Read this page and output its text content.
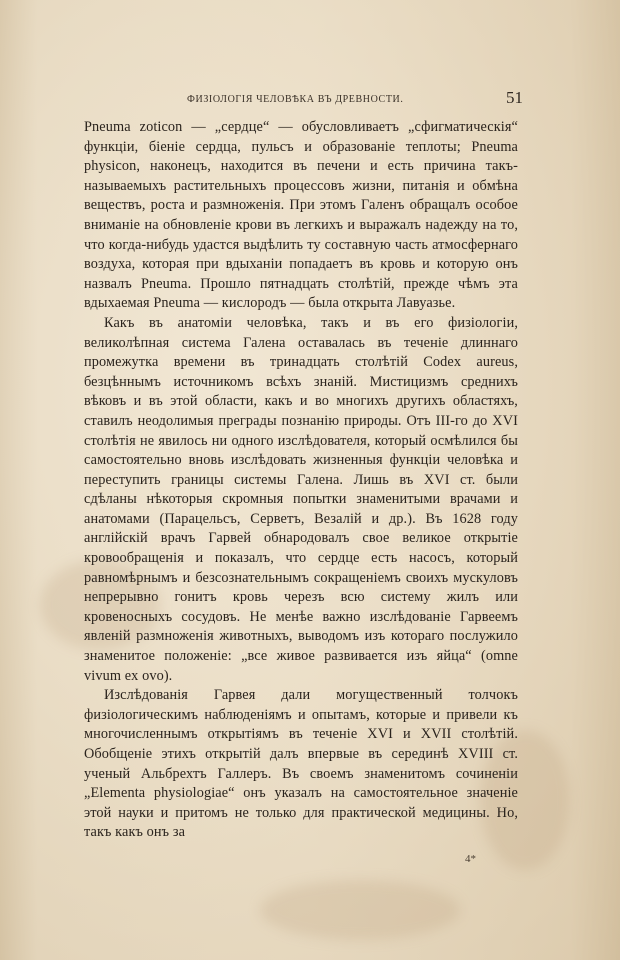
ФИЗІОЛОГІЯ ЧЕЛОВѢКА ВЪ ДРЕВНОСТИ.	51

Pneuma zoticon — „сердце“ — обусловливаетъ „сфигматическія“ функціи, біеніе сердца, пульсъ и образованіе теплоты; Pneuma physicon, наконецъ, находится въ печени и есть причина такъ-называемыхъ растительныхъ процессовъ жизни, питанія и обмѣна веществъ, роста и размноженія. При этомъ Галенъ обращалъ особое вниманіе на обновленіе крови въ легкихъ и выражалъ надежду на то, что когда-нибудь удастся выдѣлить ту составную часть атмосфернаго воздуха, которая при вдыханіи попадаетъ въ кровь и которую онъ назвалъ Pneuma. Прошло пятнадцать столѣтій, прежде чѣмъ эта вдыхаемая Pneuma — кислородъ — была открыта Лавуазье.

Какъ въ анатоміи человѣка, такъ и въ его физіологіи, великолѣпная система Галена оставалась въ теченіе длиннаго промежутка времени въ тринадцать столѣтій Codex aureus, безцѣннымъ источникомъ всѣхъ знаній. Мистицизмъ среднихъ вѣковъ и въ этой области, какъ и во многихъ другихъ областяхъ, ставилъ неодолимыя преграды познанію природы. Отъ III-го до XVI столѣтія не явилось ни одного изслѣдователя, который осмѣлился бы самостоятельно вновь изслѣдовать жизненныя функціи человѣка и переступить границы системы Галена. Лишь въ XVI ст. были сдѣланы нѣкоторыя скромныя попытки знаменитыми врачами и анатомами (Парацельсъ, Серветъ, Везалій и др.). Въ 1628 году англійскій врачъ Гарвей обнародовалъ свое великое открытіе кровообращенія и показалъ, что сердце есть насосъ, который равномѣрнымъ и безсознательнымъ сокращеніемъ своихъ мускуловъ непрерывно гонитъ кровь черезъ всю систему жилъ или кровеносныхъ сосудовъ. Не менѣе важно изслѣдованіе Гарвеемъ явленій размноженія животныхъ, выводомъ изъ котораго послужило знаменитое положеніе: „все живое развивается изъ яйца“ (omne vivum ex ovo).

Изслѣдованія Гарвея дали могущественный толчокъ физіологическимъ наблюденіямъ и опытамъ, которые и привели къ многочисленнымъ открытіямъ въ теченіе XVI и XVII столѣтій. Обобщеніе этихъ открытій далъ впервые въ серединѣ XVIII ст. ученый Альбрехтъ Галлеръ. Въ своемъ знаменитомъ сочиненіи „Elementa physiologiae“ онъ указалъ на самостоятельное значеніе этой науки и притомъ не только для практической медицины. Но, такъ какъ онъ за

4*
